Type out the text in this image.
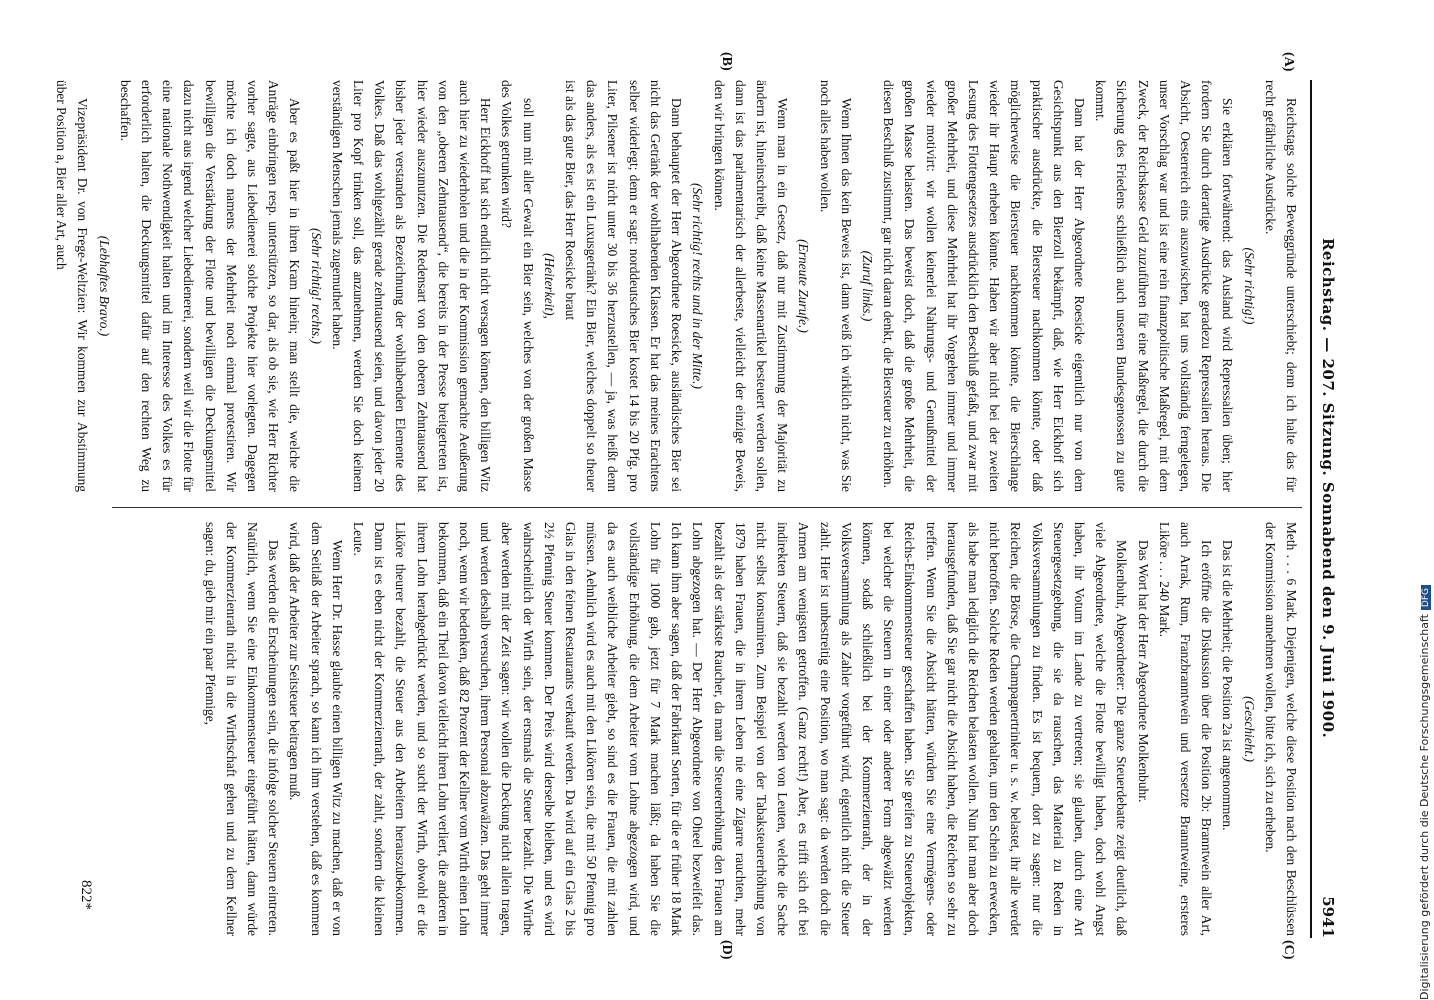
Reichstag. — 207. Sitzung. Sonnabend den 9. Juni 1900.
5941
(A)
(B)
(C)
(D)

Reichstags solche Beweggründe unterschiebt; denn ich halte das für recht gefährliche Ausdrücke.

(Sehr richtig!)

Sie erklären fortwährend: das Ausland wird Repressalien üben; hier fordern Sie durch derartige Ausdrücke geradezu Repressalien heraus. Die Absicht, Oesterreich eins auszuwischen, hat uns vollständig ferngelegen, unser Vorschlag war und ist eine rein finanzpolitische Maßregel, mit dem Zweck, der Reichskasse Geld zuzuführen für eine Maßregel, die durch die Sicherung des Friedens schließlich auch unseren Bundesgenossen zu gute kommt.

Dann hat der Herr Abgeordnete Roesicke eigentlich nur von dem Gesichtspunkt aus den Bierzoll bekämpft, daß, wie Herr Eickhoff sich praktischer ausdrückte, die Biersteuer nachkommen könnte, oder daß möglicherweise die Biersteuer nachkommen könnte, die Bierschlange wieder ihr Haupt erheben könnte. Haben wir aber nicht bei der zweiten Lesung des Flottengesetzes ausdrücklich den Beschluß gefaßt, und zwar mit großer Mehrheit, und diese Mehrheit hat ihr Vorgehen immer und immer wieder motivirt: wir wollen keinerlei Nahrungs- und Genußmittel der großen Masse belasten. Das beweist doch, daß die große Mehrheit, die diesen Beschluß zustimmt, gar nicht daran denkt, die Biersteuer zu erhöhen.

(Zuruf links.)

Wenn Ihnen das kein Beweis ist, dann weiß ich wirklich nicht, was Sie noch alles haben wollen.

(Erneute Zurufe.)

Wenn man in ein Gesetz, daß nur mit Zustimmung der Majorität zu ändern ist, hineinschreibt, daß keine Massenartikel besteuert werden sollen, dann ist das parlamentarisch der allerbeste, vielleicht der einzige Beweis, den wir bringen können.

(Sehr richtig! rechts und in der Mitte.)

Dann behauptet der Herr Abgeordnete Roesicke, ausländisches Bier sei nicht das Getränk der wohlhabenden Klassen. Er hat das meines Erachtens selber widerlegt; denn er sagt: norddeutsches Bier kostet 14 bis 20 Pfg. pro Liter, Pilsener ist nicht unter 30 bis 36 herzustellen, — ja, was heißt denn das anders, als es ist ein Luxusgetränk? Ein Bier, welches doppelt so theuer ist als das gute Bier, das Herr Roesicke braut

(Heiterkeit),

soll nun mit aller Gewalt ein Bier sein, welches von der großen Masse des Volkes getrunken wird?

Herr Eickhoff hat sich endlich nicht versagen können, den billigen Witz auch hier zu wiederholen und die in der Kommission gemachte Aeußerung von den „oberen Zehntausend“, die bereits in der Presse breitgetreten ist, hier wieder auszunutzen. Die Redensart von den oberen Zehntausend hat bisher jeder verstanden als Bezeichnung der wohlhabenden Elemente des Volkes. Daß das wohlgezählt gerade zehntausend seien, und davon jeder 20 Liter pro Kopf trinken soll, das anzunehmen, werden Sie doch keinem verständigen Menschen jemals zugemuthet haben.

(Sehr richtig! rechts.)

Aber es paßt hier in ihren Kram hinein; man stellt die, welche die Anträge einbringen resp. unterstützen, so dar, als ob sie, wie Herr Richter vorher sagte, aus Liebedienerei solche Projekte hier vorlegten. Dagegen möchte ich doch namens der Mehrheit noch einmal protestiren. Wir bewilligen die Verstärkung der Flotte und bewilligen die Deckungsmittel dazu nicht aus irgend welcher Liebedienerei, sondern weil wir die Flotte für eine nationale Nothwendigkeit halten und im Interesse des Volkes es für erforderlich halten, die Deckungsmittel dafür auf den rechten Weg zu beschaffen.

(Lebhaftes Bravo.)

Vizepräsident Dr. von Frege-Weltzien: Wir kommen zur Abstimmung über Position a, Bier aller Art, auch

Meth . . . 6 Mark. Diejenigen, welche diese Position nach den Beschlüssen der Kommission annehmen wollen, bitte ich, sich zu erheben.

(Geschieht.)

Das ist die Mehrheit; die Position 2a ist angenommen.

Ich eröffne die Diskussion über die Position 2b: Branntwein aller Art, auch Arrak, Rum, Franzbranntwein und versetzte Branntweine, ersteres Liköre . . . 240 Mark.

Das Wort hat der Herr Abgeordnete Molkenbuhr.

Molkenbuhr, Abgeordneter: Die ganze Steuerdebatte zeigt deutlich, daß viele Abgeordnete, welche die Flotte bewilligt haben, doch wohl Angst haben, ihr Votum im Lande zu vertreten; sie glauben, durch eine Art Steuergesetzgebung, die sie da rauschen, das Material zu Reden in Volksversammlungen zu finden. Es ist bequem, dort zu sagen: nur die Reichen, die Börse, die Champagnertrinker u. s. w. belastet, ihr alle werdet nicht betroffen. Solche Reden werden gehalten, um den Schein zu erwecken, als habe man lediglich die Reichen belasten wollen. Nun hat man aber doch herausgefunden, daß Sie gar nicht die Absicht haben, die Reichen so sehr zu treffen. Wenn Sie die Absicht hätten, würden Sie eine Vermögens- oder Reichs-Einkommensteuer geschaffen haben. Sie greifen zu Steuerobjekten, bei welcher die Steuern in einer oder anderer Form abgewälzt werden können, sodaß schließlich bei der Kommerzienrath, der in der Volksversammlung als Zahler vorgeführt wird, eigentlich nicht die Steuer zahlt. Hier ist unbestreitig eine Position, wo man sagt: da werden doch die Armen am wenigsten getroffen. (Ganz recht!) Aber, es trifft sich oft bei indirekten Steuern, daß sie bezahlt werden von Leuten, welche die Sache nicht selbst konsumiren. Zum Beispiel von der Tabaksteuererhöhung von 1879 haben Frauen, die in ihrem Leben nie eine Zigarre rauchten, mehr bezahlt als der stärkste Raucher, da man die Steuererhöhung den Frauen am Lohn abgezogen hat. — Der Herr Abgeordnete von Oheel bezweifelt das. Ich kann ihm aber sagen, daß der Fabrikant Sorten, für die er früher 18 Mark Lohn für 1000 gab, jetzt für 7 Mark machen läßt; da haben Sie die vollständige Erhöhung, die dem Arbeiter vom Lohne abgezogen wird, und da es auch weibliche Arbeiter giebt, so sind es die Frauen, die mit zahlen müssen. Aehnlich wird es auch mit den Likören sein, die mit 50 Pfennig pro Glas in den feinen Restaurants verkauft werden. Da wird auf ein Glas 2 bis 2½ Pfennig Steuer kommen. Der Preis wird derselbe bleiben, und es wird wahrscheinlich der Wirth sein, der erstmals die Steuer bezahlt. Die Wirthe aber werden mit der Zeit sagen: wir wollen die Deckung nicht allein tragen, und werden deshalb versuchen, ihrem Personal abzuwälzen. Das geht immer noch, wenn wir bedenken, daß 82 Prozent der Kellner vom Wirth einen Lohn bekommen, daß ein Theil davon vielleicht ihren Lohn verliert, die anderen in ihrem Lohn herabgedrückt werden, und so sucht der Wirth, obwohl er die Liköre theurer bezahlt, die Steuer aus den Arbeitern herauszubekommen. Dann ist es eben nicht der Kommerzienrath, der zahlt, sondern die kleinen Leute.

Wenn Herr Dr. Hasse glaubte einen billigen Witz zu machen, daß er von dem Seitlaß der Arbeiter sprach, so kann ich ihm verstehen, daß es kommen wird, daß der Arbeiter zur Seitsteuer beitragen muß.

Das werden die Erscheinungen sein, die infolge solcher Steuern eintreten. Natürlich, wenn Sie eine Einkommensteuer eingeführt hätten, dann würde der Kommerzienrath nicht in die Wirthschaft gehen und zu dem Kellner sagen: du, gieb mir ein paar Pfennige,

822*	Digitalisierung gefördert durch die Deutsche ForschungsgemeinschaftDFG
